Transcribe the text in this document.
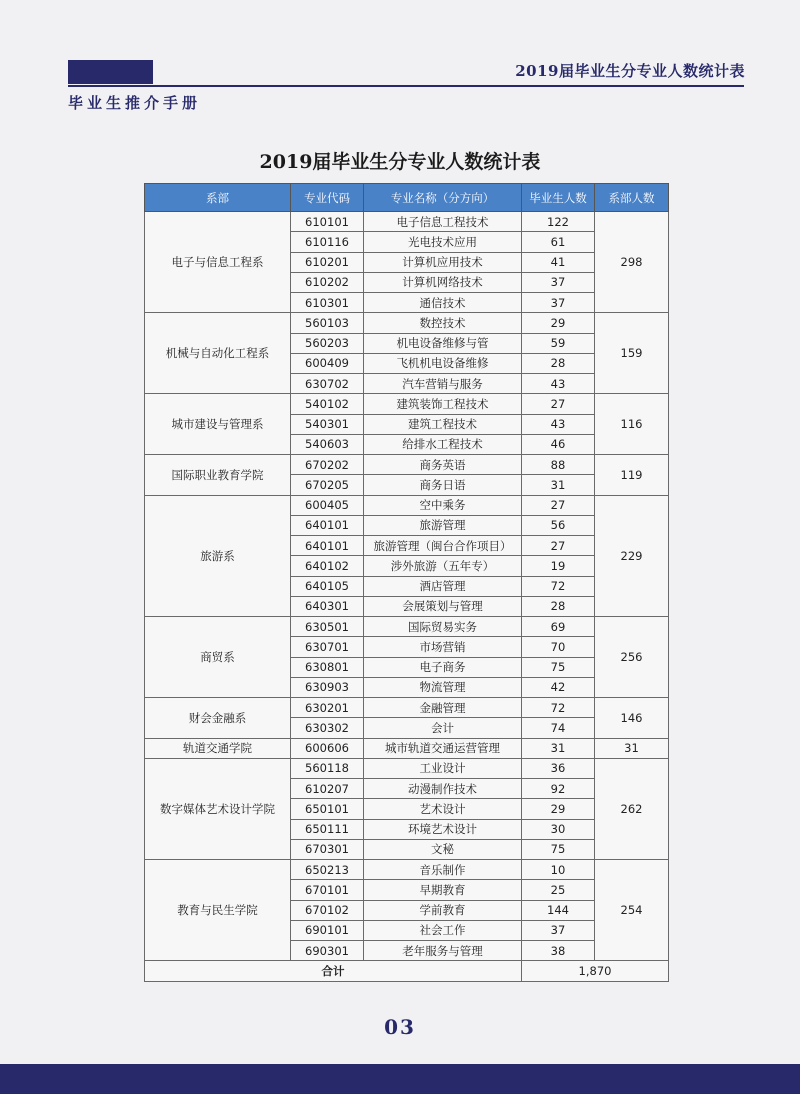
2019届毕业生分专业人数统计表
毕业生推介手册
2019届毕业生分专业人数统计表
系部	专业代码	专业名称（分方向）	毕业生人数	系部人数
电子与信息工程系	610101	电子信息工程技术	122	298
	610116	光电技术应用	61	
	610201	计算机应用技术	41	
	610202	计算机网络技术	37	
	610301	通信技术	37	
机械与自动化工程系	560103	数控技术	29	159
	560203	机电设备维修与管	59	
	600409	飞机机电设备维修	28	
	630702	汽车营销与服务	43	
城市建设与管理系	540102	建筑装饰工程技术	27	116
	540301	建筑工程技术	43	
	540603	给排水工程技术	46	
国际职业教育学院	670202	商务英语	88	119
	670205	商务日语	31	
旅游系	600405	空中乘务	27	229
	640101	旅游管理	56	
	640101	旅游管理（闽台合作项目）	27	
	640102	涉外旅游（五年专）	19	
	640105	酒店管理	72	
	640301	会展策划与管理	28	
商贸系	630501	国际贸易实务	69	256
	630701	市场营销	70	
	630801	电子商务	75	
	630903	物流管理	42	
财会金融系	630201	金融管理	72	146
	630302	会计	74	
轨道交通学院	600606	城市轨道交通运营管理	31	31
数字媒体艺术设计学院	560118	工业设计	36	262
	610207	动漫制作技术	92	
	650101	艺术设计	29	
	650111	环境艺术设计	30	
	670301	文秘	75	
教育与民生学院	650213	音乐制作	10	254
	670101	早期教育	25	
	670102	学前教育	144	
	690101	社会工作	37	
	690301	老年服务与管理	38	
合计			1,870	
03
